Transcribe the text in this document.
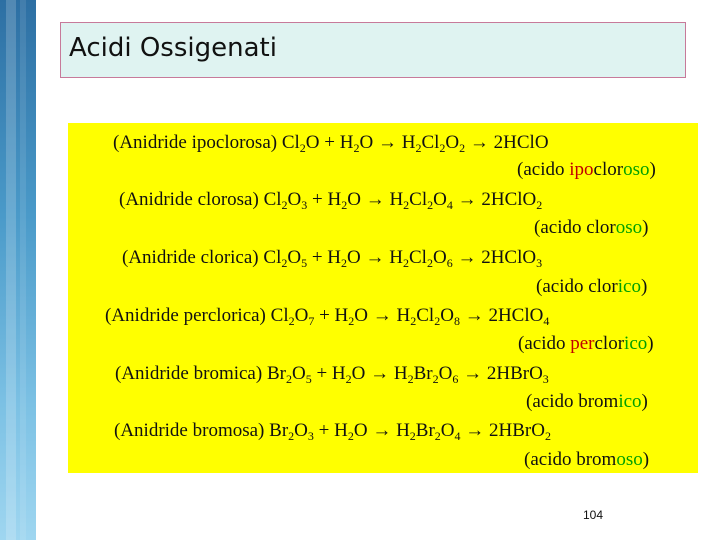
Acidi Ossigenati
(Anidride ipoclorosa) $Cl_2O + H_2O \to H_2Cl_2O_2$ → 2HClO
(acido ipocloroso)
(Anidride clorosa) $Cl_2O_3 + H_2O \to H_2Cl_2O_4$ → 2HClO$_2$
(acido cloroso)
(Anidride clorica) $Cl_2O_5 + H_2O \to H_2Cl_2O_6$ → 2HClO$_3$
(acido clorico)
(Anidride perclorica) $Cl_2O_7 + H_2O \to H_2Cl_2O_8$ → 2HClO$_4$
(acido perclorico)
(Anidride bromica) $Br_2O_5 + H_2O \to H_2Br_2O_6$ → 2HBrO$_3$
(acido bromico)
(Anidride bromosa) $Br_2O_3 + H_2O \to H_2Br_2O_4$ → 2HBrO$_2$
(acido bromoso)
104
